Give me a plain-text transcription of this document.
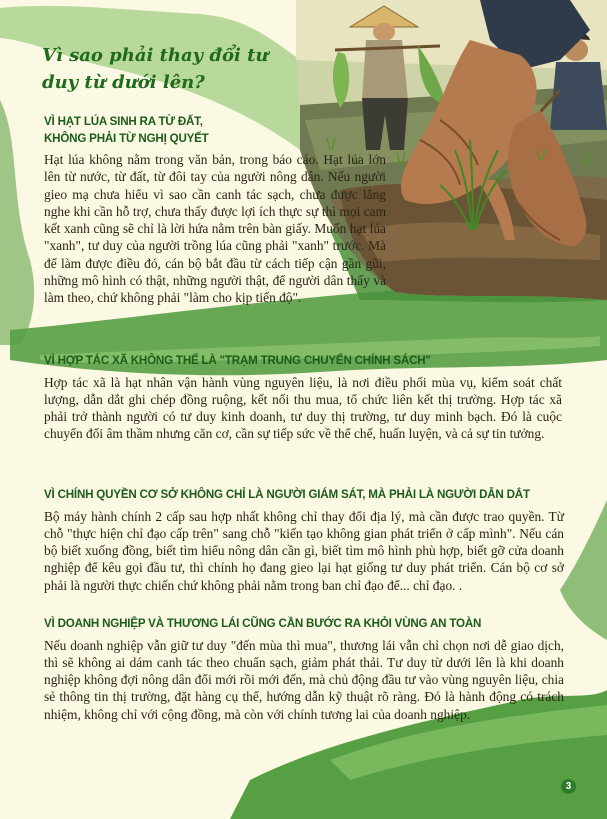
Vì sao phải thay đổi tư duy từ dưới lên?
VÌ HẠT LÚA SINH RA TỪ ĐẤT, KHÔNG PHẢI TỪ NGHỊ QUYẾT

Hạt lúa không nằm trong văn bản, trong báo cáo. Hạt lúa lớn lên từ nước, từ đất, từ đôi tay của người nông dân. Nếu người gieo mạ chưa hiểu vì sao cần canh tác sạch, chưa được lắng nghe khi cần hỗ trợ, chưa thấy được lợi ích thực sự thì mọi cam kết xanh cũng sẽ chỉ là lời hứa nằm trên bàn giấy. Muốn hạt lúa "xanh", tư duy của người trồng lúa cũng phải "xanh" trước. Mà để làm được điều đó, cán bộ bắt đầu từ cách tiếp cận gần gũi, những mô hình có thật, những người thật, để người dân thấy và làm theo, chứ không phải "làm cho kịp tiến độ".

VÌ HỢP TÁC XÃ KHÔNG THỂ LÀ "TRẠM TRUNG CHUYỂN CHÍNH SÁCH"

Hợp tác xã là hạt nhân vận hành vùng nguyên liệu, là nơi điều phối mùa vụ, kiểm soát chất lượng, dẫn dắt ghi chép đồng ruộng, kết nối thu mua, tổ chức liên kết thị trường. Hợp tác xã phải trở thành người có tư duy kinh doanh, tư duy thị trường, tư duy minh bạch. Đó là cuộc chuyển đổi âm thầm nhưng căn cơ, cần sự tiếp sức về thể chế, huấn luyện, và cả sự tin tưởng.

VÌ CHÍNH QUYỀN CƠ SỞ KHÔNG CHỈ LÀ NGƯỜI GIÁM SÁT, MÀ PHẢI LÀ NGƯỜI DẪN DẮT

Bộ máy hành chính 2 cấp sau hợp nhất không chỉ thay đổi địa lý, mà cần được trao quyền. Từ chỗ "thực hiện chỉ đạo cấp trên" sang chỗ "kiến tạo không gian phát triển ở cấp mình". Nếu cán bộ biết xuống đồng, biết tìm hiểu nông dân cần gì, biết tìm mô hình phù hợp, biết gỡ cửa doanh nghiệp để kêu gọi đầu tư, thì chính họ đang gieo lại hạt giống tư duy phát triển. Cán bộ cơ sở phải là người thực chiến chứ không phải nằm trong ban chỉ đạo để... chỉ đạo. .

VÌ DOANH NGHIỆP VÀ THƯƠNG LÁI CŨNG CẦN BƯỚC RA KHỎI VÙNG AN TOÀN

Nếu doanh nghiệp vẫn giữ tư duy "đến mùa thì mua", thương lái vẫn chỉ chọn nơi dễ giao dịch, thì sẽ không ai dám canh tác theo chuẩn sạch, giảm phát thải. Tư duy từ dưới lên là khi doanh nghiệp không đợi nông dân đổi mới rồi mới đến, mà chủ động đầu tư vào vùng nguyên liệu, chia sẻ thông tin thị trường, đặt hàng cụ thể, hướng dẫn kỹ thuật rõ ràng. Đó là hành động có trách nhiệm, không chỉ với cộng đồng, mà còn với chính tương lai của doanh nghiệp.

3
